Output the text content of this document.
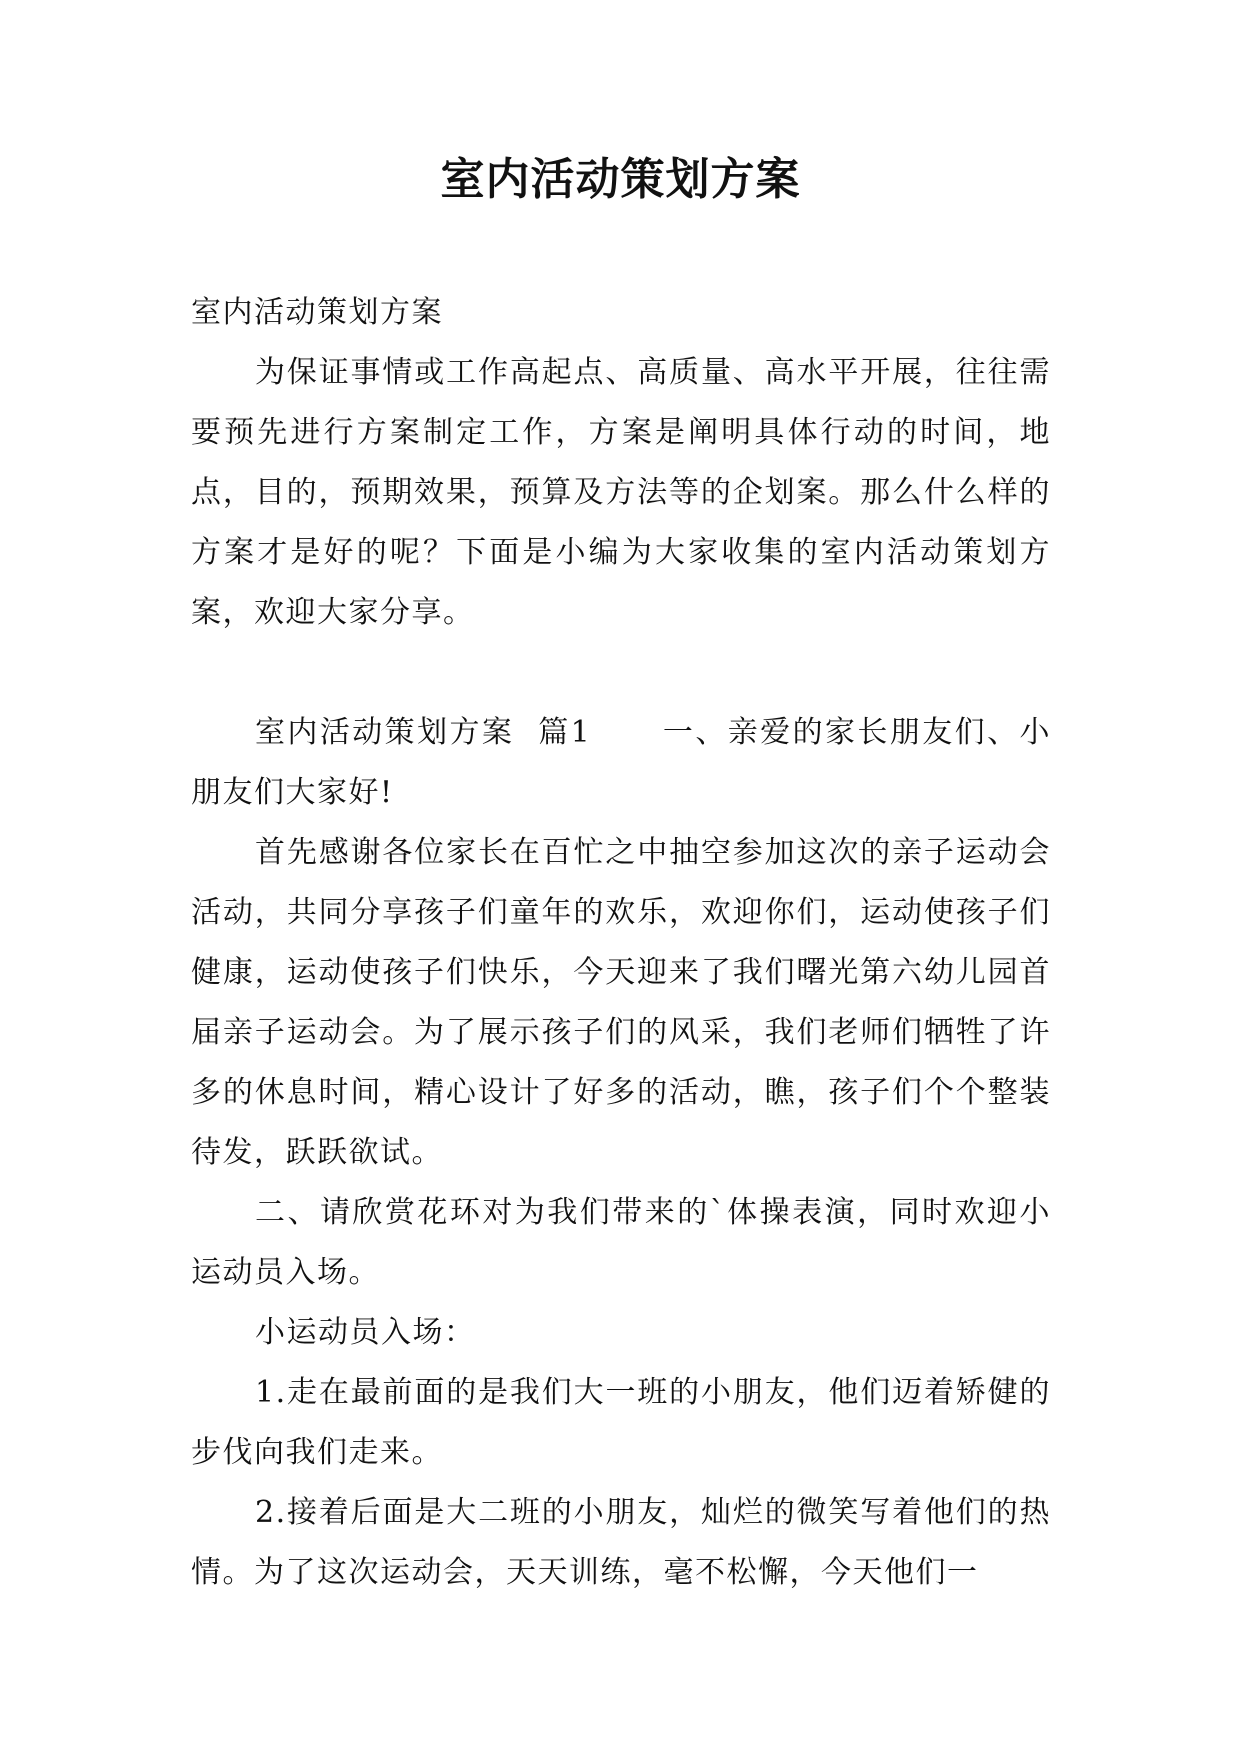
室内活动策划方案

室内活动策划方案

为保证事情或工作高起点、高质量、高水平开展，往往需要预先进行方案制定工作，方案是阐明具体行动的时间，地点，目的，预期效果，预算及方法等的企划案。那么什么样的方案才是好的呢？下面是小编为大家收集的室内活动策划方案，欢迎大家分享。

室内活动策划方案  篇1      一、亲爱的家长朋友们、小朋友们大家好!

首先感谢各位家长在百忙之中抽空参加这次的亲子运动会活动，共同分享孩子们童年的欢乐，欢迎你们，运动使孩子们健康，运动使孩子们快乐，今天迎来了我们曙光第六幼儿园首届亲子运动会。为了展示孩子们的风采，我们老师们牺牲了许多的休息时间，精心设计了好多的活动，瞧，孩子们个个整装待发，跃跃欲试。

二、请欣赏花环对为我们带来的`体操表演，同时欢迎小运动员入场。

小运动员入场：

1.走在最前面的是我们大一班的小朋友，他们迈着矫健的步伐向我们走来。

2.接着后面是大二班的小朋友，灿烂的微笑写着他们的热情。为了这次运动会，天天训练，毫不松懈，今天他们一
